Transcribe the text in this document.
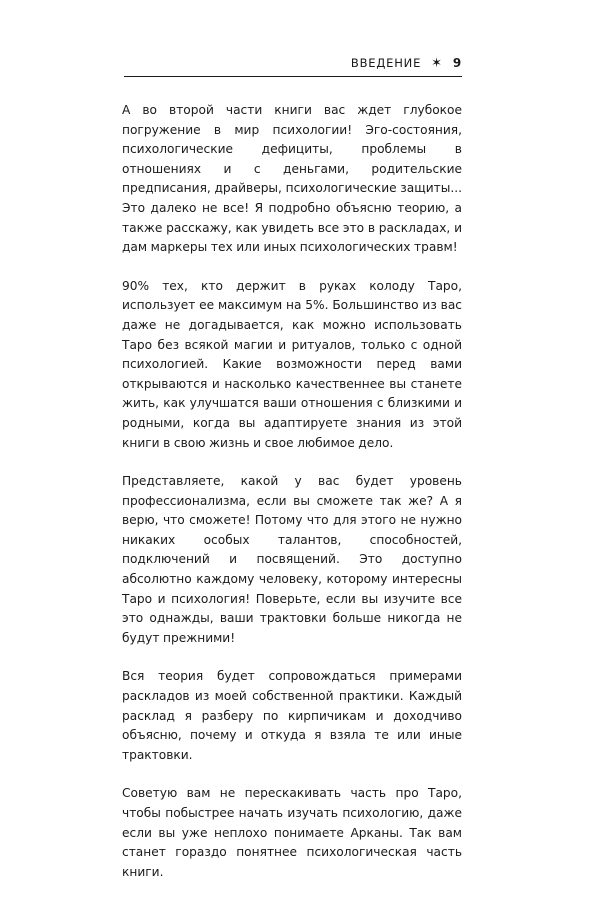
ВВЕДЕНИЕ ✶ 9

А во второй части книги вас ждет глубокое погружение в мир психологии! Эго-состояния, психологические дефициты, проблемы в отношениях и с деньгами, родительские предписания, драйверы, психологические защиты... Это далеко не все! Я подробно объясню теорию, а также расскажу, как увидеть все это в раскладах, и дам маркеры тех или иных психологических травм!

90% тех, кто держит в руках колоду Таро, использует ее максимум на 5%. Большинство из вас даже не догадывается, как можно использовать Таро без всякой магии и ритуалов, только с одной психологией. Какие возможности перед вами открываются и насколько качественнее вы станете жить, как улучшатся ваши отношения с близкими и родными, когда вы адаптируете знания из этой книги в свою жизнь и свое любимое дело.

Представляете, какой у вас будет уровень профессионализма, если вы сможете так же? А я верю, что сможете! Потому что для этого не нужно никаких особых талантов, способностей, подключений и посвящений. Это доступно абсолютно каждому человеку, которому интересны Таро и психология! Поверьте, если вы изучите все это однажды, ваши трактовки больше никогда не будут прежними!

Вся теория будет сопровождаться примерами раскладов из моей собственной практики. Каждый расклад я разберу по кирпичикам и доходчиво объясню, почему и откуда я взяла те или иные трактовки.

Советую вам не перескакивать часть про Таро, чтобы побыстрее начать изучать психологию, даже если вы уже неплохо понимаете Арканы. Так вам станет гораздо понятнее психологическая часть книги.
